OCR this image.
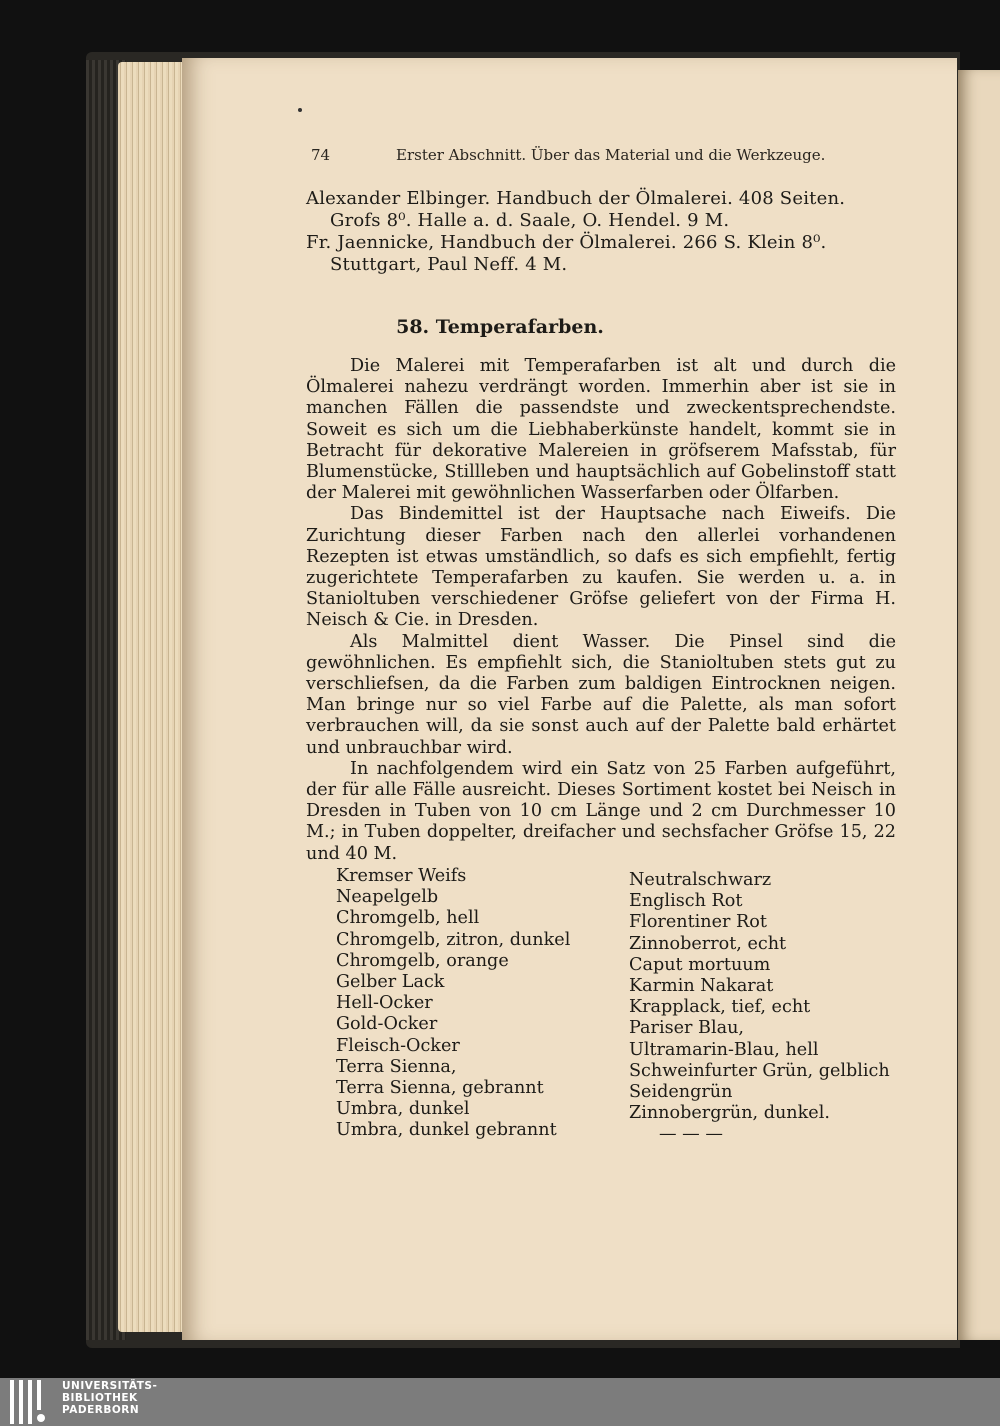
74	Erster Abschnitt. Über das Material und die Werkzeuge.
Alexander Elbinger. Handbuch der Ölmalerei. 408 Seiten.
Grofs 8⁰. Halle a. d. Saale, O. Hendel. 9 M.
Fr. Jaennicke, Handbuch der Ölmalerei. 266 S. Klein 8⁰.
Stuttgart, Paul Neff. 4 M.
58. Temperafarben.

Die Malerei mit Temperafarben ist alt und durch die Ölmalerei nahezu verdrängt worden. Immerhin aber ist sie in manchen Fällen die passendste und zweckentsprechendste. Soweit es sich um die Liebhaberkünste handelt, kommt sie in Betracht für dekorative Malereien in gröfserem Mafsstab, für Blumenstücke, Stillleben und hauptsächlich auf Gobelinstoff statt der Malerei mit gewöhnlichen Wasserfarben oder Ölfarben.

Das Bindemittel ist der Hauptsache nach Eiweifs. Die Zurichtung dieser Farben nach den allerlei vorhandenen Rezepten ist etwas umständlich, so dafs es sich empfiehlt, fertig zugerichtete Temperafarben zu kaufen. Sie werden u. a. in Stanioltuben verschiedener Gröfse geliefert von der Firma H. Neisch & Cie. in Dresden.

Als Malmittel dient Wasser. Die Pinsel sind die gewöhnlichen. Es empfiehlt sich, die Stanioltuben stets gut zu verschliefsen, da die Farben zum baldigen Eintrocknen neigen. Man bringe nur so viel Farbe auf die Palette, als man sofort verbrauchen will, da sie sonst auch auf der Palette bald erhärtet und unbrauchbar wird.

In nachfolgendem wird ein Satz von 25 Farben aufgeführt, der für alle Fälle ausreicht. Dieses Sortiment kostet bei Neisch in Dresden in Tuben von 10 cm Länge und 2 cm Durchmesser 10 M.; in Tuben doppelter, dreifacher und sechsfacher Gröfse 15, 22 und 40 M.

Kremser Weifs
Neapelgelb
Chromgelb, hell
Chromgelb, zitron, dunkel
Chromgelb, orange
Gelber Lack
Hell-Ocker
Gold-Ocker
Fleisch-Ocker
Terra Sienna,
Terra Sienna, gebrannt
Umbra, dunkel
Umbra, dunkel gebrannt
Neutralschwarz
Englisch Rot
Florentiner Rot
Zinnoberrot, echt
Caput mortuum
Karmin Nakarat
Krapplack, tief, echt
Pariser Blau,
Ultramarin-Blau, hell
Schweinfurter Grün, gelblich
Seidengrün
Zinnobergrün, dunkel.
— — —
UNIVERSITÄTS-
BIBLIOTHEK
PADERBORN
